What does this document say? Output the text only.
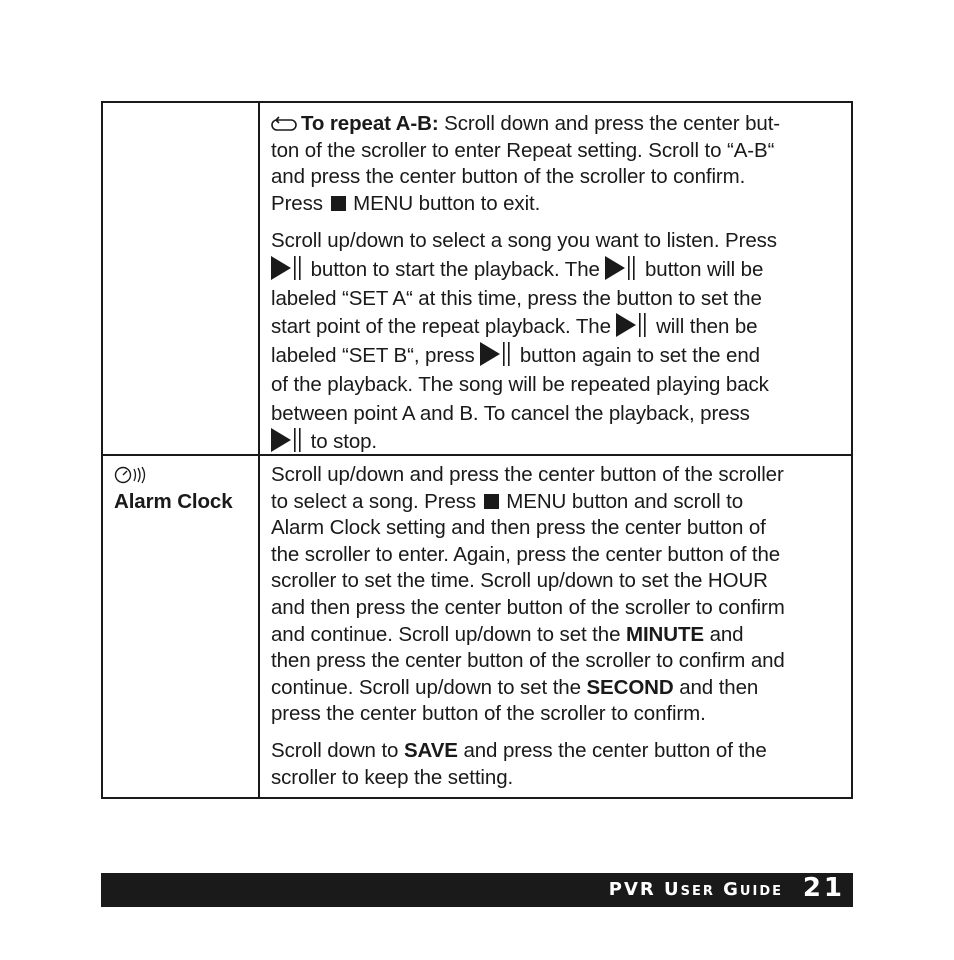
To repeat A-B: Scroll down and press the center but-
ton of the scroller to enter Repeat setting. Scroll to “A-B“
and press the center button of the scroller to confirm.
Press  MENU button to exit.

Scroll up/down to select a song you want to listen. Press
button to start the playback. The  button will be
labeled “SET A“ at this time, press the button to set the
start point of the repeat playback. The  will then be
labeled “SET B“, press  button again to set the end
of the playback. The song will be repeated playing back
between point A and B. To cancel the playback, press
to stop.

Alarm Clock

Scroll up/down and press the center button of the scroller
to select a song. Press  MENU button and scroll to
Alarm Clock setting and then press the center button of
the scroller to enter. Again, press the center button of the
scroller to set the time. Scroll up/down to set the HOUR
and then press the center button of the scroller to confirm
and continue. Scroll up/down to set the MINUTE and
then press the center button of the scroller to confirm and
continue. Scroll up/down to set the SECOND and then
press the center button of the scroller to confirm.

Scroll down to SAVE and press the center button of the
scroller to keep the setting.

PVR User Guide 21
